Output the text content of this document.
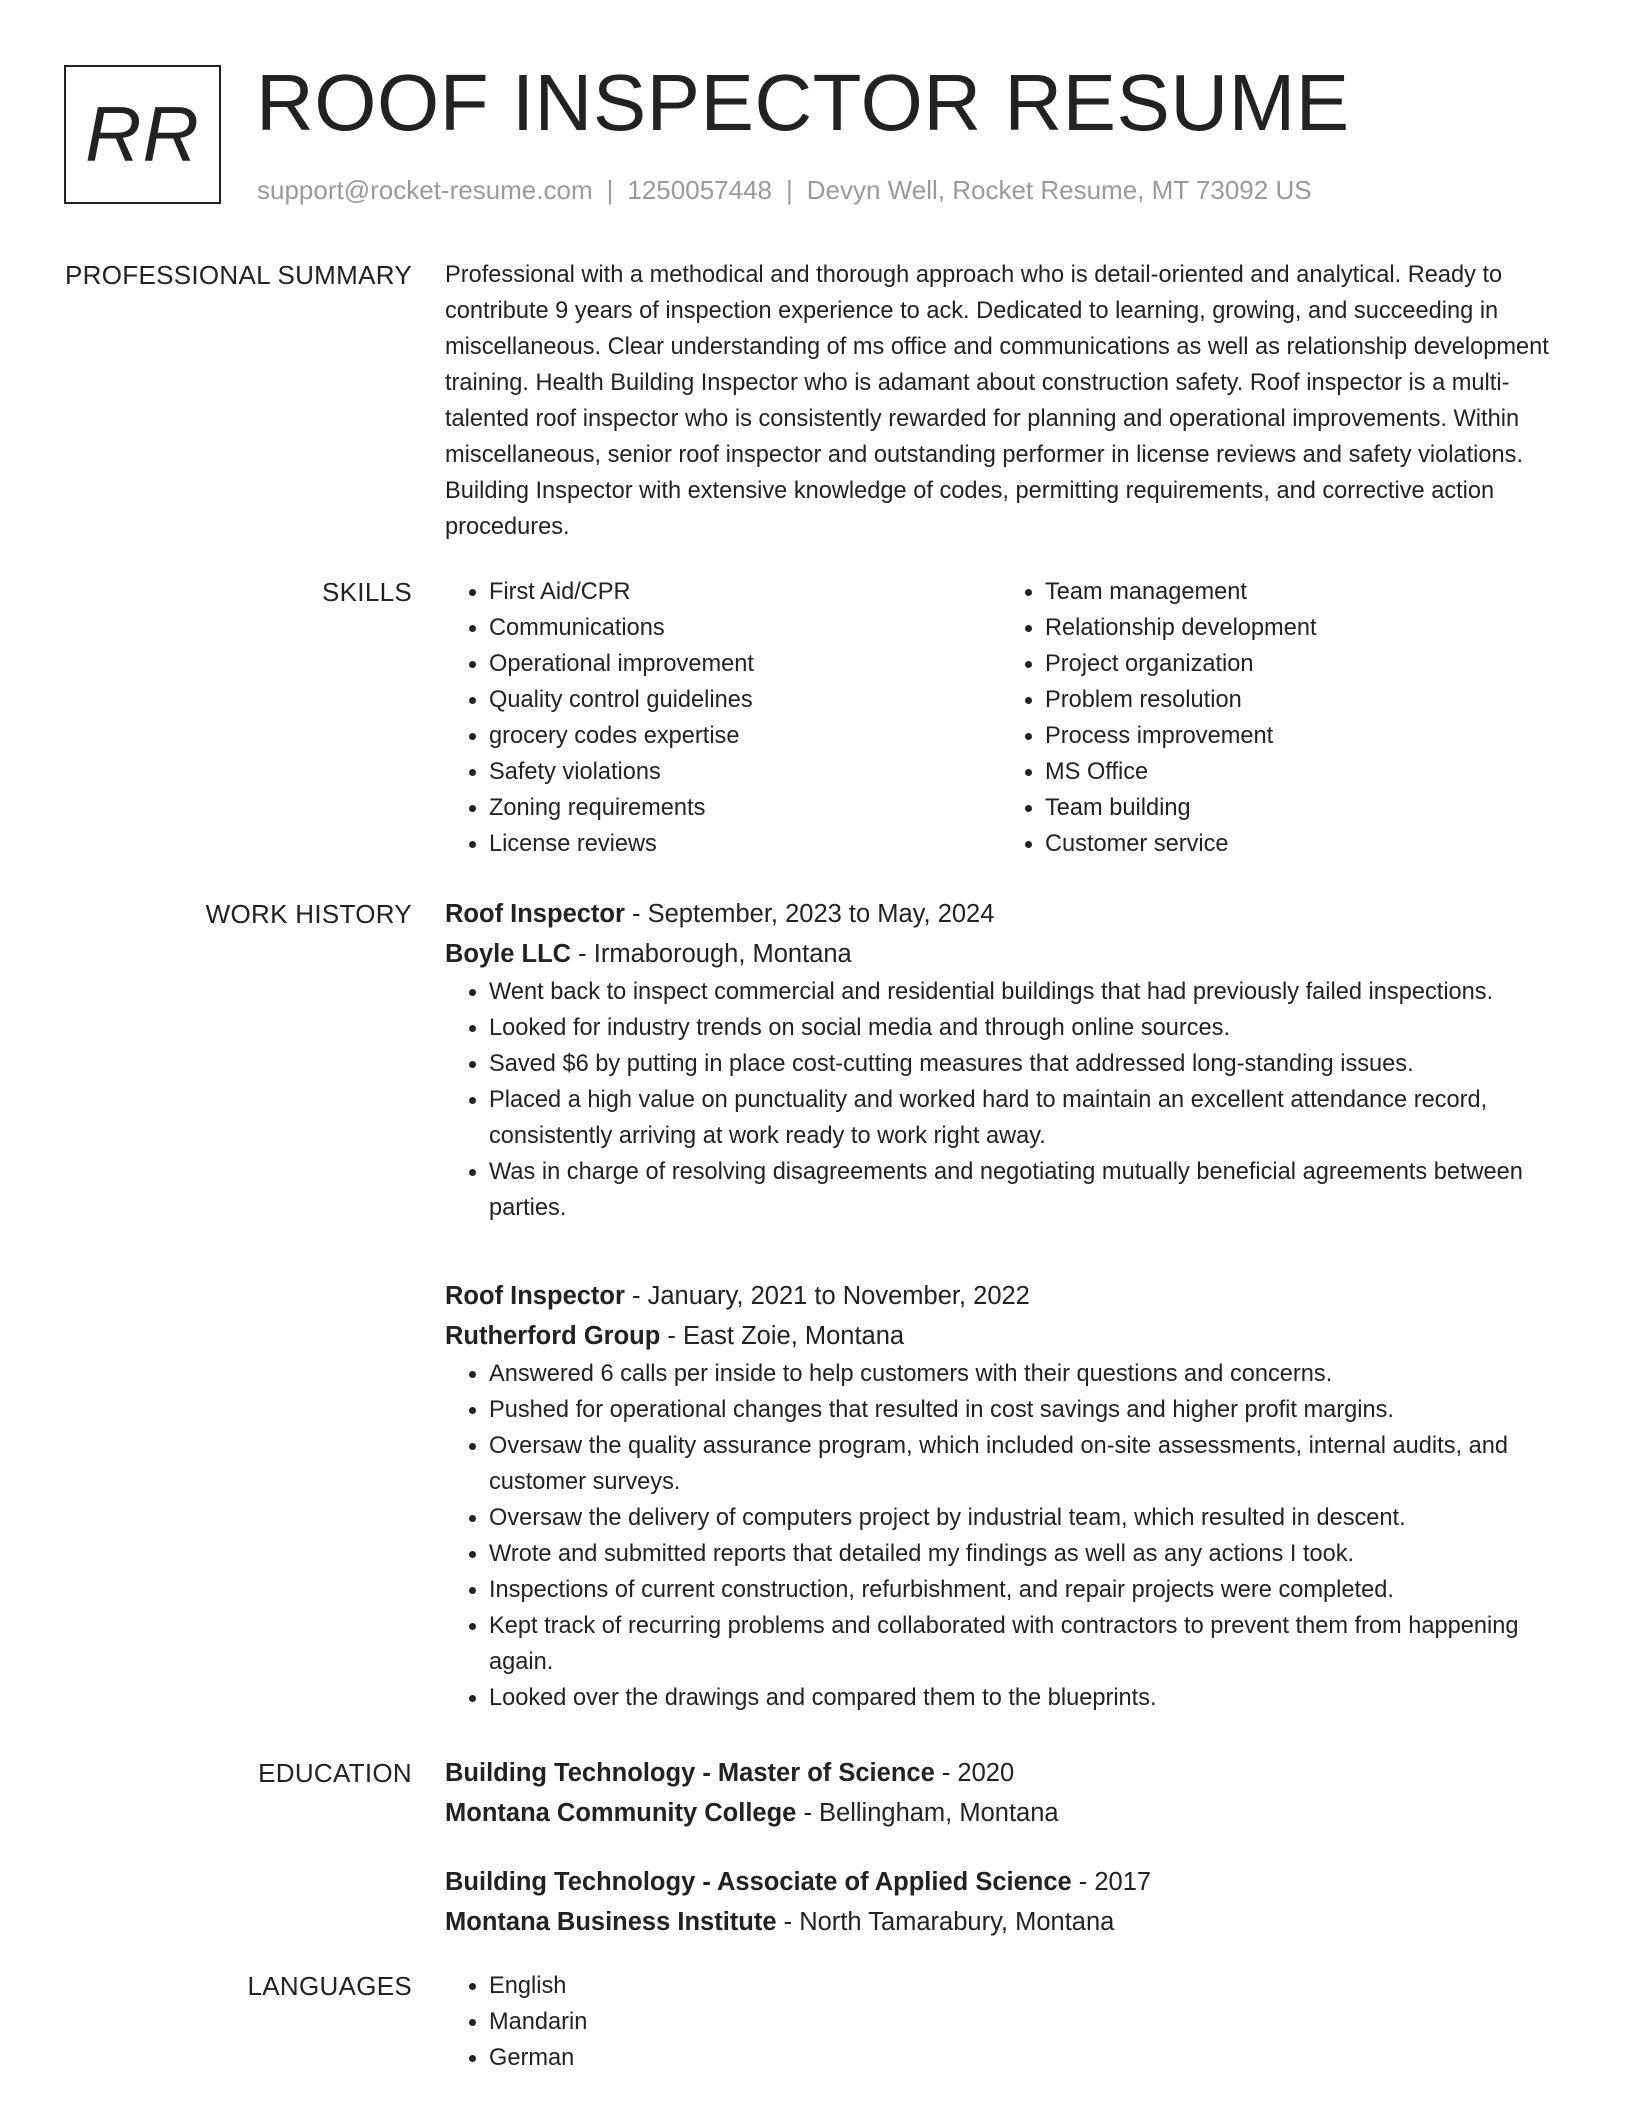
RR ROOF INSPECTOR RESUME
support@rocket-resume.com | 1250057448 | Devyn Well, Rocket Resume, MT 73092 US
PROFESSIONAL SUMMARY Professional with a methodical and thorough approach who is detail-oriented and analytical. Ready to contribute 9 years of inspection experience to ack. Dedicated to learning, growing, and succeeding in miscellaneous. Clear understanding of ms office and communications as well as relationship development training. Health Building Inspector who is adamant about construction safety. Roof inspector is a multi-talented roof inspector who is consistently rewarded for planning and operational improvements. Within miscellaneous, senior roof inspector and outstanding performer in license reviews and safety violations. Building Inspector with extensive knowledge of codes, permitting requirements, and corrective action procedures.

SKILLS	• First Aid/CPR
• Communications
• Operational improvement
• Quality control guidelines
• grocery codes expertise
• Safety violations
• Zoning requirements
• License reviews
• Team management
• Relationship development
• Project organization
• Problem resolution
• Process improvement
• MS Office
• Team building
• Customer service
WORK HISTORY Roof Inspector - September, 2023 to May, 2024
Boyle LLC - Irmaborough, Montana
• Went back to inspect commercial and residential buildings that had previously failed inspections.
• Looked for industry trends on social media and through online sources.
• Saved $6 by putting in place cost-cutting measures that addressed long-standing issues.
• Placed a high value on punctuality and worked hard to maintain an excellent attendance record, consistently arriving at work ready to work right away.
• Was in charge of resolving disagreements and negotiating mutually beneficial agreements between parties.
Roof Inspector - January, 2021 to November, 2022
Rutherford Group - East Zoie, Montana
• Answered 6 calls per inside to help customers with their questions and concerns.
• Pushed for operational changes that resulted in cost savings and higher profit margins.
• Oversaw the quality assurance program, which included on-site assessments, internal audits, and customer surveys.
• Oversaw the delivery of computers project by industrial team, which resulted in descent.
• Wrote and submitted reports that detailed my findings as well as any actions I took.
• Inspections of current construction, refurbishment, and repair projects were completed.
• Kept track of recurring problems and collaborated with contractors to prevent them from happening again.
• Looked over the drawings and compared them to the blueprints.
EDUCATION Building Technology - Master of Science - 2020
Montana Community College - Bellingham, Montana
Building Technology - Associate of Applied Science - 2017
Montana Business Institute - North Tamarabury, Montana
LANGUAGES	• English
• Mandarin
• German
